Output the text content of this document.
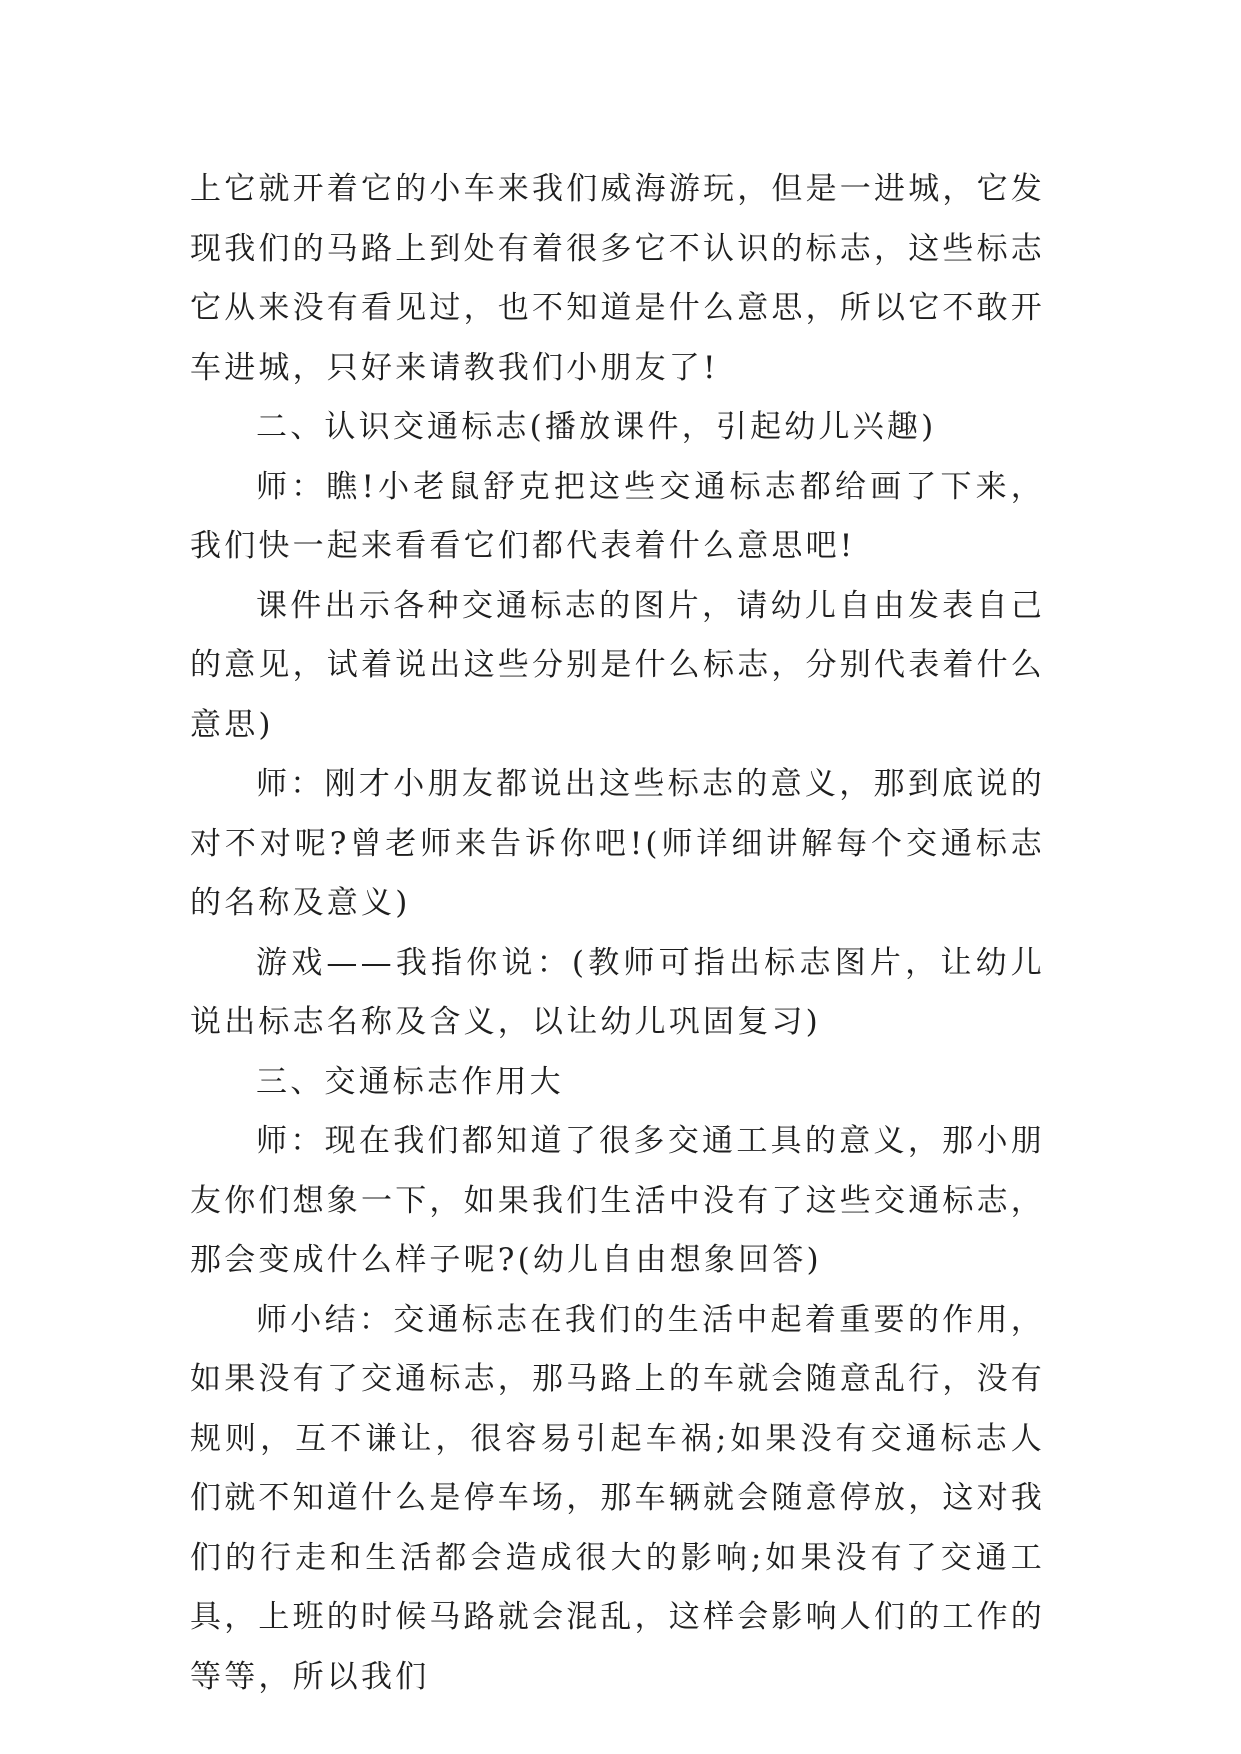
上它就开着它的小车来我们威海游玩，但是一进城，它发现我们的马路上到处有着很多它不认识的标志，这些标志它从来没有看见过，也不知道是什么意思，所以它不敢开车进城，只好来请教我们小朋友了!

二、认识交通标志(播放课件，引起幼儿兴趣)

师：瞧!小老鼠舒克把这些交通标志都给画了下来，我们快一起来看看它们都代表着什么意思吧!

课件出示各种交通标志的图片，请幼儿自由发表自己的意见，试着说出这些分别是什么标志，分别代表着什么意思)

师：刚才小朋友都说出这些标志的意义，那到底说的对不对呢?曾老师来告诉你吧!(师详细讲解每个交通标志的名称及意义)

游戏——我指你说：(教师可指出标志图片，让幼儿说出标志名称及含义，以让幼儿巩固复习)

三、交通标志作用大

师：现在我们都知道了很多交通工具的意义，那小朋友你们想象一下，如果我们生活中没有了这些交通标志，那会变成什么样子呢?(幼儿自由想象回答)

师小结：交通标志在我们的生活中起着重要的作用，如果没有了交通标志，那马路上的车就会随意乱行，没有规则，互不谦让，很容易引起车祸;如果没有交通标志人们就不知道什么是停车场，那车辆就会随意停放，这对我们的行走和生活都会造成很大的影响;如果没有了交通工具，上班的时候马路就会混乱，这样会影响人们的工作的等等，所以我们
